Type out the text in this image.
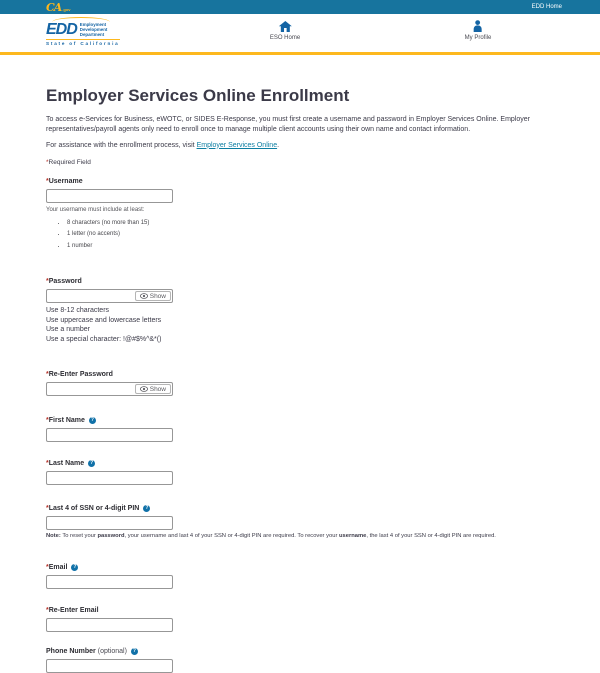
CA .gov	EDD Home
EDD Employment
Development
Department
State of California
ESO Home	My Profile
Employer Services Online Enrollment

To access e-Services for Business, eWOTC, or SIDES E-Response, you must first create a username and password in Employer Services Online. Employer representatives/payroll agents only need to enroll once to manage multiple client accounts using their own name and contact information.

For assistance with the enrollment process, visit Employer Services Online.

*Required Field

* Username
Your username must include at least:
• 8 characters (no more than 15)
• 1 letter (no accents)
• 1 number
* Password
Show
Use 8-12 characters
Use uppercase and lowercase letters
Use a number
Use a special character: !@#$%^&*()
* Re-Enter Password
Show
* First Name	?
* Last Name	?
* Last 4 of SSN or 4-digit PIN	?
Note: To reset your password, your username and last 4 of your SSN or 4-digit PIN are required. To recover your username, the last 4 of your SSN or 4-digit PIN are required.
* Email	?
* Re-Enter Email
Phone Number
(optional)	?
